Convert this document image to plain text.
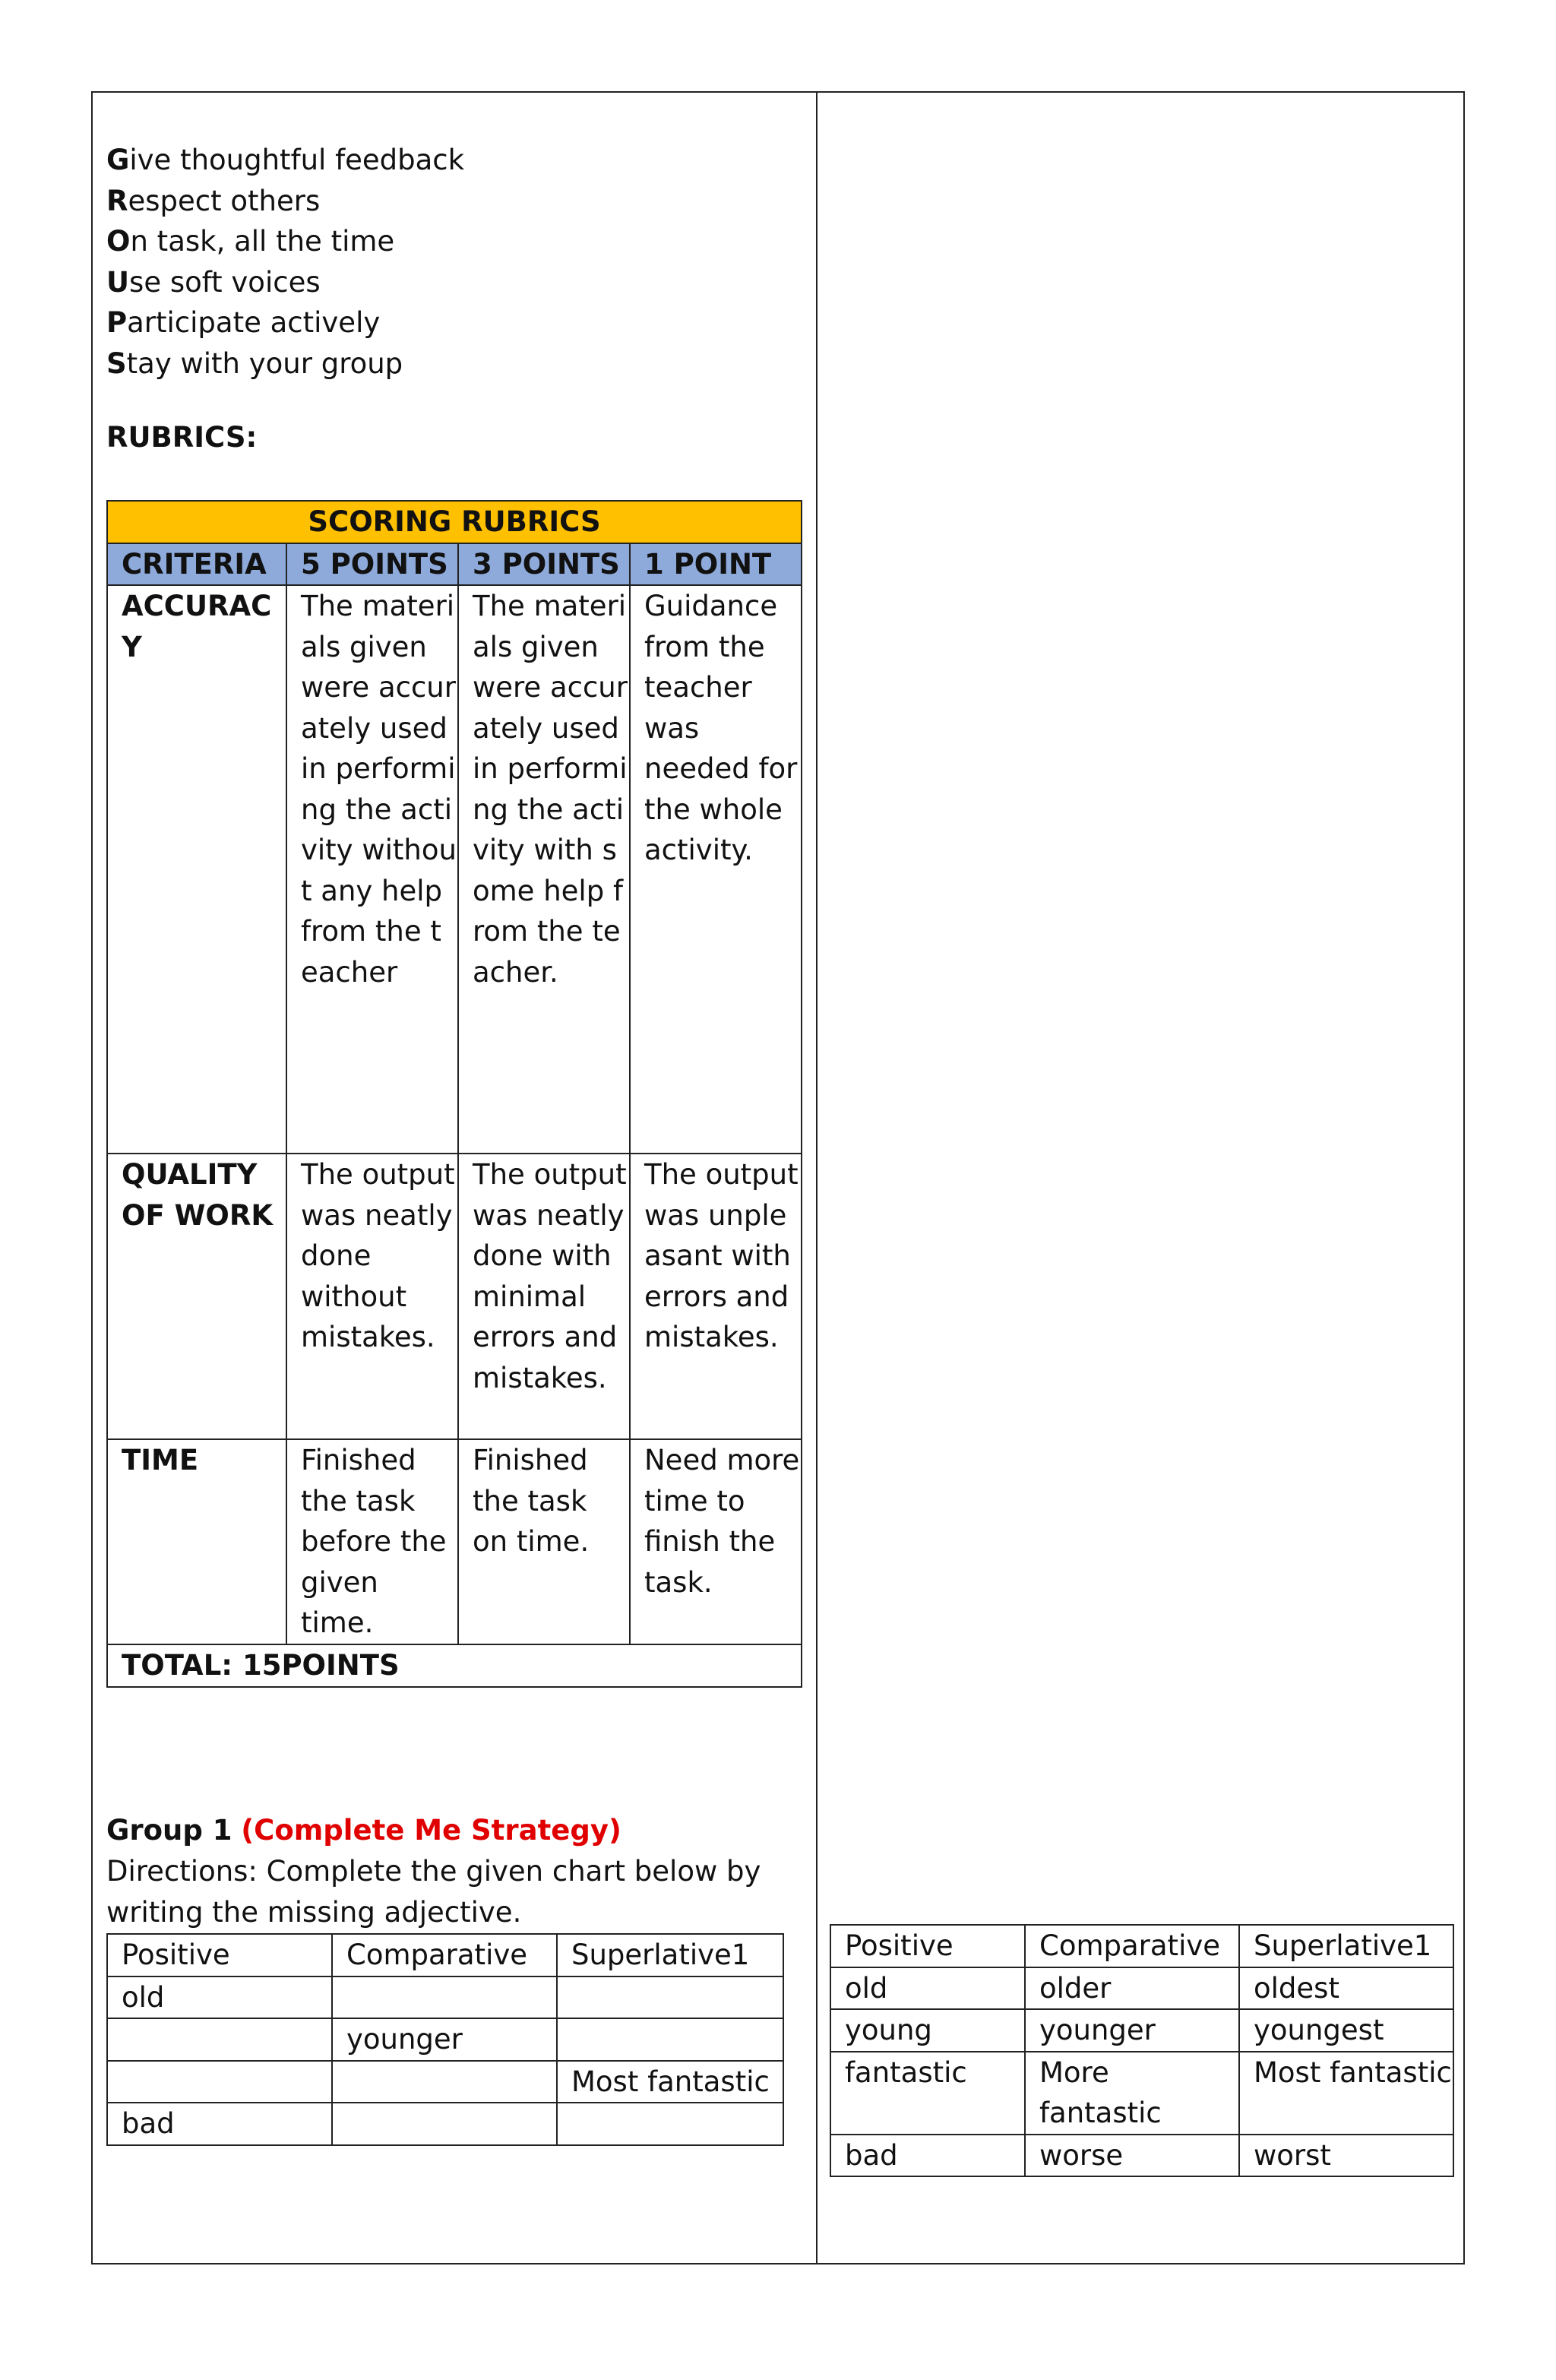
Give thoughtful feedback
Respect others
On task, all the time
Use soft voices
Participate actively
Stay with your group
RUBRICS:
SCORING RUBRICS			
CRITERIA	5 POINTS	3 POINTS	1 POINT
ACCURACY	The materials given were accurately used in performing the activity without any help from the teacher	The materials given were accurately used in performing the activity with some help from the teacher.	Guidance from the teacher was needed for the whole activity.
QUALITY OF WORK	The output was neatly done without mistakes.	The output was neatly done with minimal errors and mistakes.	The output was unpleasant with errors and mistakes.
TIME	Finished the task before the given time.	Finished the task on time.	Need more time to finish the task.
TOTAL: 15POINTS			
Group 1 (Complete Me Strategy)
Directions: Complete the given chart below by writing the missing adjective.
Positive	Comparative	Superlative1
old		
	younger	
		Most fantastic
bad		
Positive	Comparative	Superlative1
old	older	oldest
young	younger	youngest
fantastic	More fantastic	Most fantastic
bad	worse	worst
